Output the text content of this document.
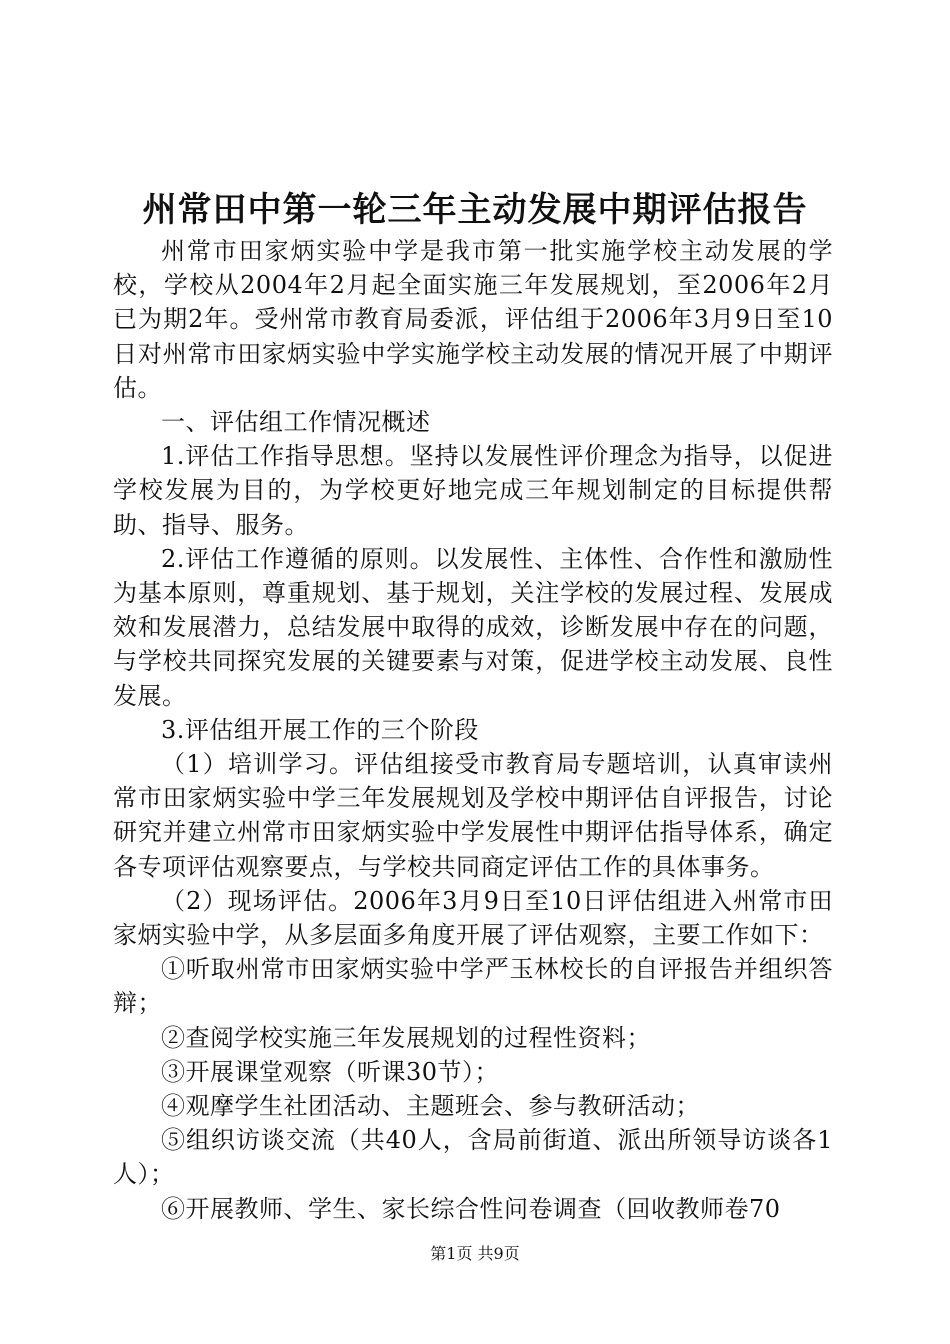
州常田中第一轮三年主动发展中期评估报告

州常市田家炳实验中学是我市第一批实施学校主动发展的学校，学校从2004年2月起全面实施三年发展规划，至2006年2月已为期2年。受州常市教育局委派，评估组于2006年3月9日至10日对州常市田家炳实验中学实施学校主动发展的情况开展了中期评估。

一、评估组工作情况概述

1.评估工作指导思想。坚持以发展性评价理念为指导，以促进学校发展为目的，为学校更好地完成三年规划制定的目标提供帮助、指导、服务。

2.评估工作遵循的原则。以发展性、主体性、合作性和激励性为基本原则，尊重规划、基于规划，关注学校的发展过程、发展成效和发展潜力，总结发展中取得的成效，诊断发展中存在的问题，与学校共同探究发展的关键要素与对策，促进学校主动发展、良性发展。

3.评估组开展工作的三个阶段

（1）培训学习。评估组接受市教育局专题培训，认真审读州常市田家炳实验中学三年发展规划及学校中期评估自评报告，讨论研究并建立州常市田家炳实验中学发展性中期评估指导体系，确定各专项评估观察要点，与学校共同商定评估工作的具体事务。

（2）现场评估。2006年3月9日至10日评估组进入州常市田家炳实验中学，从多层面多角度开展了评估观察，主要工作如下：

①听取州常市田家炳实验中学严玉林校长的自评报告并组织答辩；

②查阅学校实施三年发展规划的过程性资料；

③开展课堂观察（听课30节）；

④观摩学生社团活动、主题班会、参与教研活动；

⑤组织访谈交流（共40人，含局前街道、派出所领导访谈各1人）；

⑥开展教师、学生、家长综合性问卷调查（回收教师卷70

第1页 共9页
